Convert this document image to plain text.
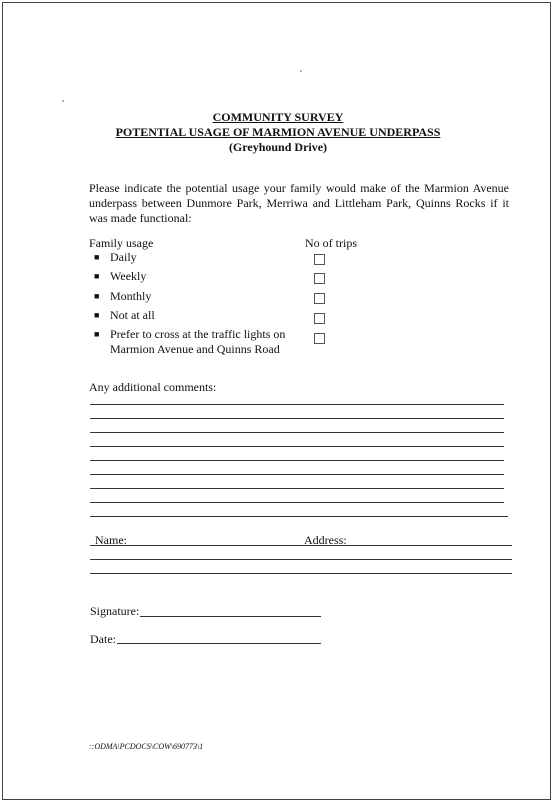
COMMUNITY SURVEY
POTENTIAL USAGE OF MARMION AVENUE UNDERPASS
(Greyhound Drive)
Please indicate the potential usage your family would make of the Marmion Avenue underpass between Dunmore Park, Merriwa and Littleham Park, Quinns Rocks if it was made functional:
Family usage	No of trips
■ Daily
■ Weekly
■ Monthly
■ Not at all
■ Prefer to cross at the traffic lights on
Marmion Avenue and Quinns Road
Any additional comments:
Name:	Address:
Signature:
Date:
::ODMA\PCDOCS\COW\690773\1
